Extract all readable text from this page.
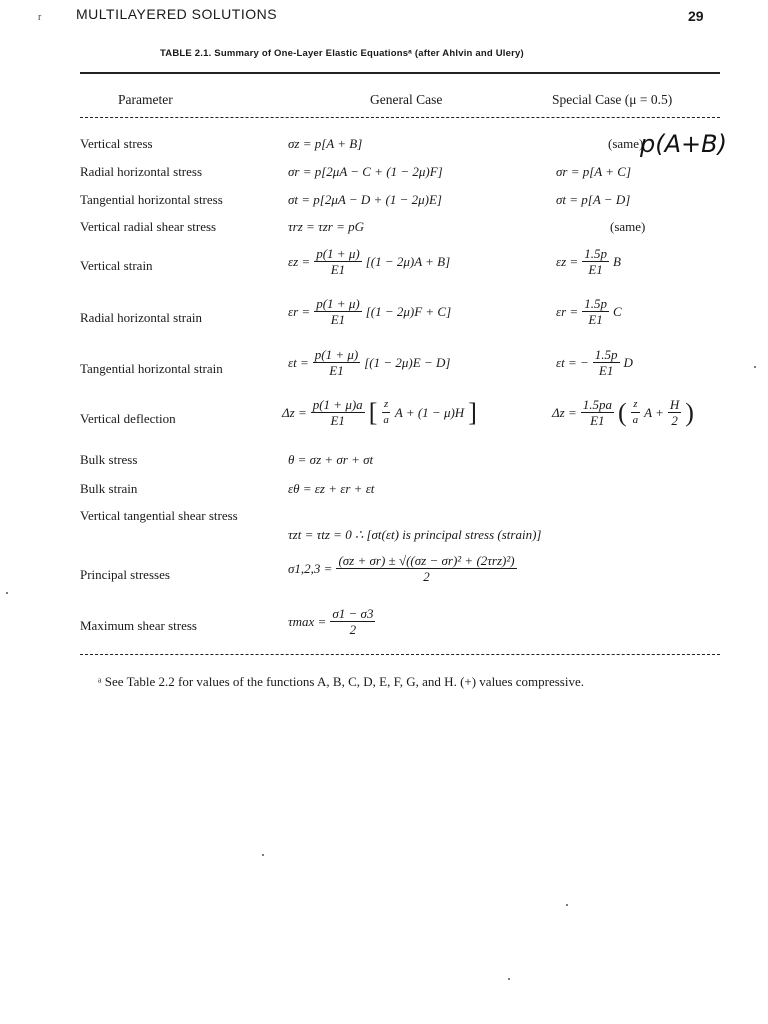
r MULTILAYERED SOLUTIONS	29
TABLE 2.1. Summary of One-Layer Elastic Equationsᵃ (after Ahlvin and Ulery)
Parameter	General Case	Special Case (μ = 0.5)
Vertical stress	σz = p[A + B]	(same)
Radial horizontal stress	σr = p[2μA − C + (1 − 2μ)F]	σr = p[A + C]
Tangential horizontal stress	σt = p[2μA − D + (1 − 2μ)E]	σt = p[A − D]
Vertical radial shear stress	τrz = τzr = pG	(same)
Vertical strain	$\varepsilon z = \frac{p(1 + \mu)}{E1} [(1 - 2\mu)A + B]$	$\varepsilon z = \frac{1.5p}{E1}$ B
Radial horizontal strain	$\varepsilon r = \frac{p(1 + \mu)}{E1} [(1 - 2\mu)F + C]$	$\varepsilon r = \frac{1.5p}{E1}$ C
Tangential horizontal strain	$\varepsilon t = \frac{p(1 + \mu)}{E1} [(1 - 2\mu)E - D]$	εt = − $\frac{1.5p}{E1}$ D
Vertical deflection	$\Delta z = \frac{p(1 + \mu)a}{E1}$ [ $\frac{z}{a}$ A + (1 − μ)H ]	$\Delta z = \frac{1.5pa}{E1}$ ( $\frac{z}{a}$ $A + \frac{H}{2}$ )
Bulk stress	θ = σz + σr + σt
Bulk strain	εθ = εz + εr + εt
Vertical tangential shear stress
τzt = τtz = 0 ∴ [σt(εt) is principal stress (strain)]
Principal stresses	$\sigma 1,2,3 = \frac{\text{(σz + σr) ± √((σz − σr)² + (2τrz)²)}}{2}$
Maximum shear stress	$\tau\max = \frac{\sigma 1 - \sigma 3}{2}$
p(A+B)
ᵃ See Table 2.2 for values of the functions A, B, C, D, E, F, G, and H. (+) values compressive.
